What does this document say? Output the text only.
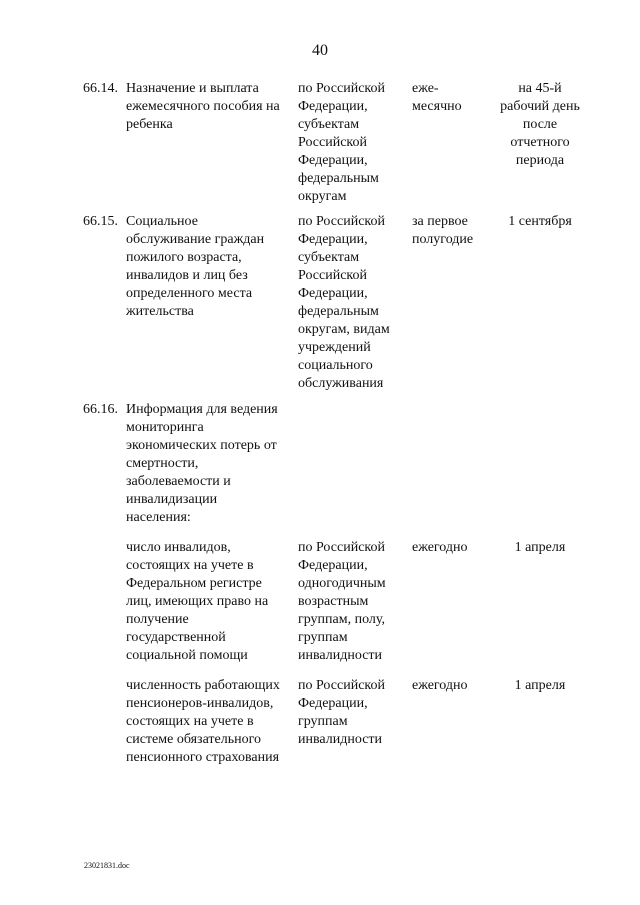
40
66.14. Назначение и выплата
ежемесячного пособия на
ребенка
по Российской
Федерации,
субъектам
Российской
Федерации,
федеральным
округам
еже-
месячно
на 45-й
рабочий день
после
отчетного
периода
66.15. Социальное
обслуживание граждан
пожилого возраста,
инвалидов и лиц без
определенного места
жительства
по Российской
Федерации,
субъектам
Российской
Федерации,
федеральным
округам, видам
учреждений
социального
обслуживания
за первое
полугодие
1 сентября
66.16. Информация для ведения
мониторинга
экономических потерь от
смертности,
заболеваемости и
инвалидизации
населения:
число инвалидов,
состоящих на учете в
Федеральном регистре
лиц, имеющих право на
получение
государственной
социальной помощи
по Российской
Федерации,
одногодичным
возрастным
группам, полу,
группам
инвалидности
ежегодно	1 апреля
численность работающих
пенсионеров-инвалидов,
состоящих на учете в
системе обязательного
пенсионного страхования
по Российской
Федерации,
группам
инвалидности
ежегодно	1 апреля
23021831.doc
